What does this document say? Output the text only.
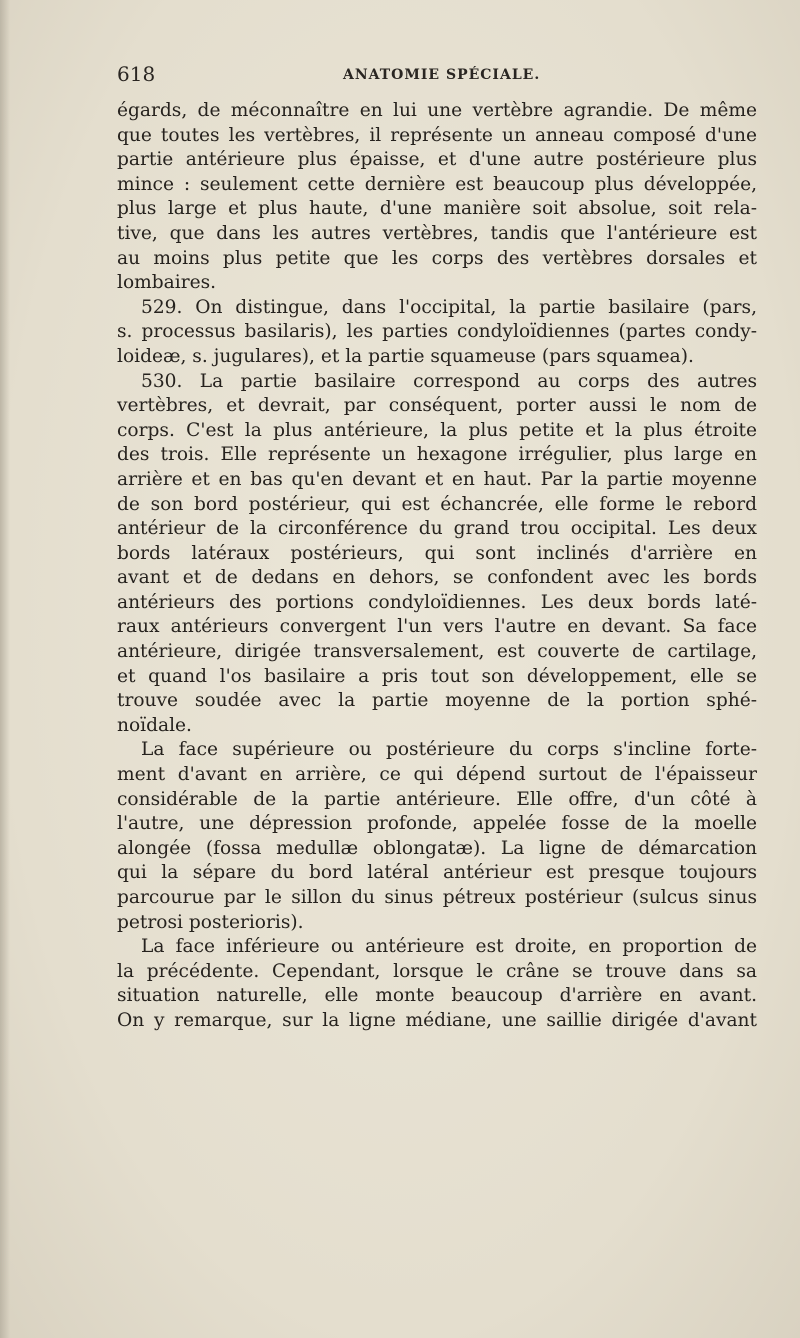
618	ANATOMIE SPÉCIALE.
égards, de méconnaître en lui une vertèbre agrandie. De même
que toutes les vertèbres, il représente un anneau composé d'une
partie antérieure plus épaisse, et d'une autre postérieure plus
mince : seulement cette dernière est beaucoup plus développée,
plus large et plus haute, d'une manière soit absolue, soit rela-
tive, que dans les autres vertèbres, tandis que l'antérieure est
au moins plus petite que les corps des vertèbres dorsales et
lombaires.
529. On distingue, dans l'occipital, la partie basilaire (pars,
s. processus basilaris), les parties condyloïdiennes (partes condy-
loideæ, s. jugulares), et la partie squameuse (pars squamea).
530. La partie basilaire correspond au corps des autres
vertèbres, et devrait, par conséquent, porter aussi le nom de
corps. C'est la plus antérieure, la plus petite et la plus étroite
des trois. Elle représente un hexagone irrégulier, plus large en
arrière et en bas qu'en devant et en haut. Par la partie moyenne
de son bord postérieur, qui est échancrée, elle forme le rebord
antérieur de la circonférence du grand trou occipital. Les deux
bords latéraux postérieurs, qui sont inclinés d'arrière en
avant et de dedans en dehors, se confondent avec les bords
antérieurs des portions condyloïdiennes. Les deux bords laté-
raux antérieurs convergent l'un vers l'autre en devant. Sa face
antérieure, dirigée transversalement, est couverte de cartilage,
et quand l'os basilaire a pris tout son développement, elle se
trouve soudée avec la partie moyenne de la portion sphé-
noïdale.
La face supérieure ou postérieure du corps s'incline forte-
ment d'avant en arrière, ce qui dépend surtout de l'épaisseur
considérable de la partie antérieure. Elle offre, d'un côté à
l'autre, une dépression profonde, appelée fosse de la moelle
alongée (fossa medullæ oblongatæ). La ligne de démarcation
qui la sépare du bord latéral antérieur est presque toujours
parcourue par le sillon du sinus pétreux postérieur (sulcus sinus
petrosi posterioris).
La face inférieure ou antérieure est droite, en proportion de
la précédente. Cependant, lorsque le crâne se trouve dans sa
situation naturelle, elle monte beaucoup d'arrière en avant.
On y remarque, sur la ligne médiane, une saillie dirigée d'avant
